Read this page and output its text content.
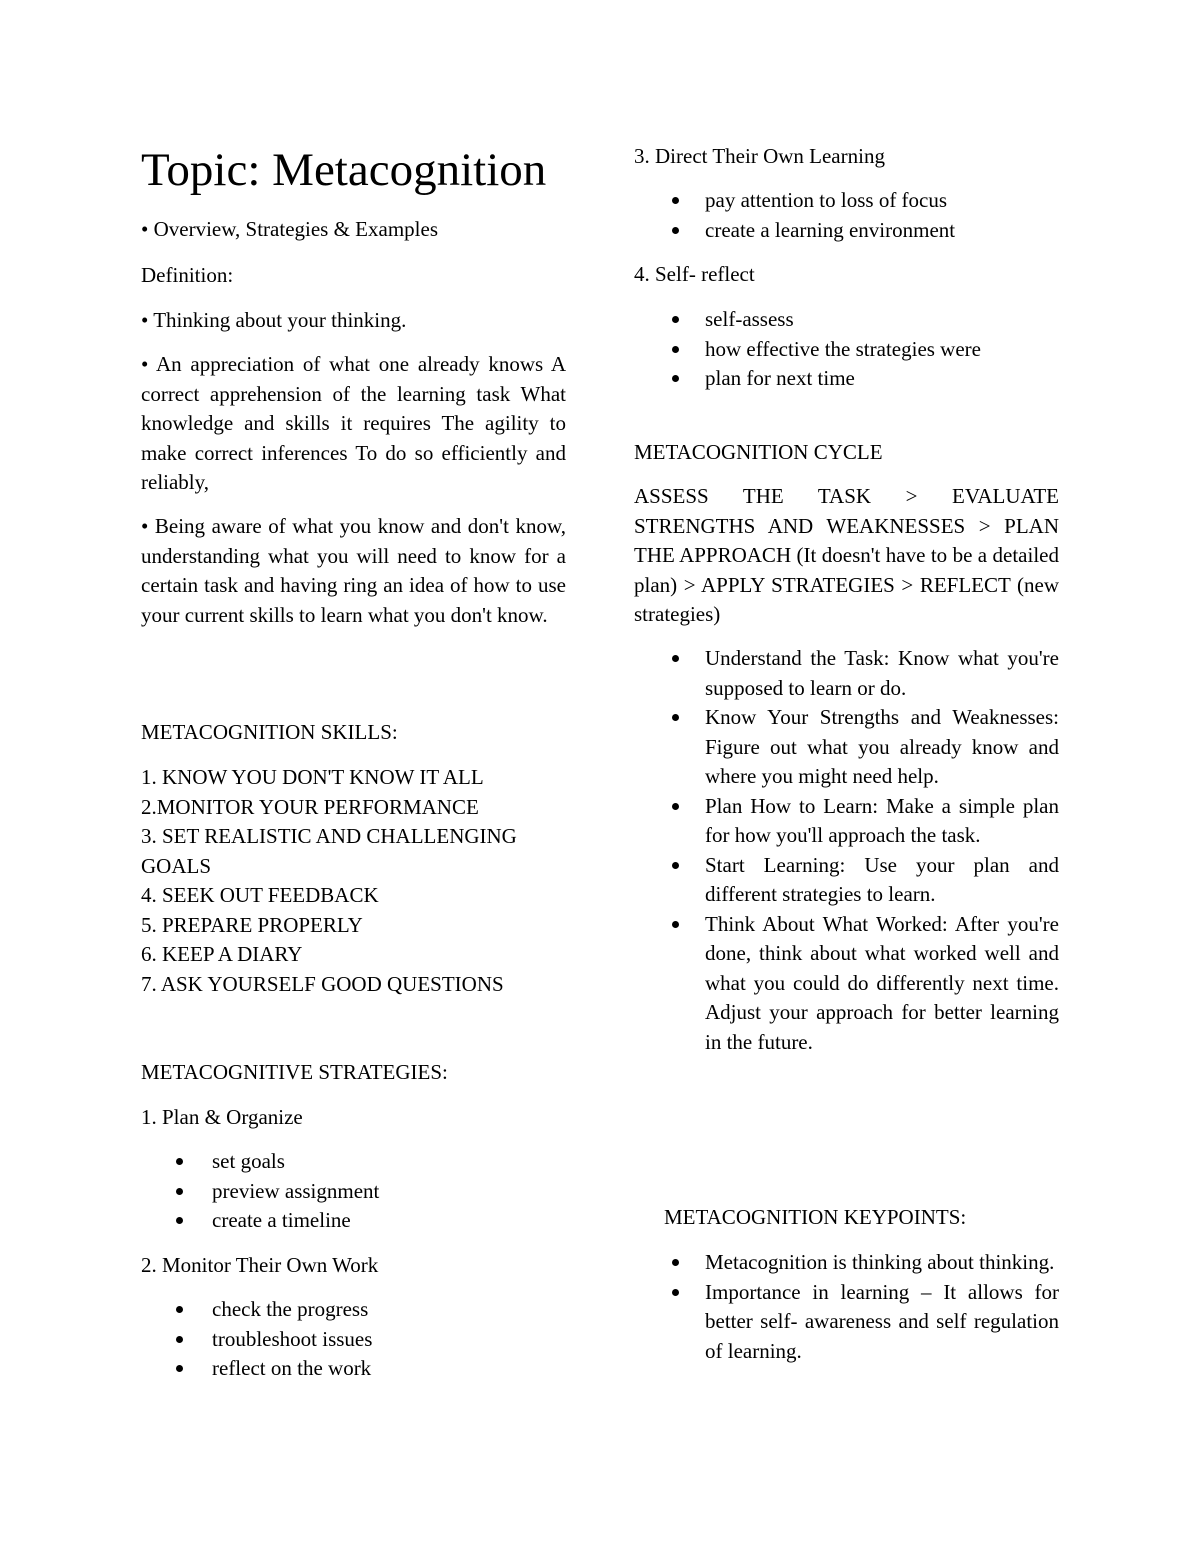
Topic: Metacognition

• Overview, Strategies & Examples

Definition:

• Thinking about your thinking.

• An appreciation of what one already knows A correct apprehension of the learning task What knowledge and skills it requires The agility to make correct inferences To do so efficiently and reliably,

• Being aware of what you know and don't know, understanding what you will need to know for a certain task and having ring an idea of how to use your current skills to learn what you don't know.

METACOGNITION SKILLS:

1. KNOW YOU DON'T KNOW IT ALL
2.MONITOR YOUR PERFORMANCE
3. SET REALISTIC AND CHALLENGING GOALS
4. SEEK OUT FEEDBACK
5. PREPARE PROPERLY
6. KEEP A DIARY
7. ASK YOURSELF GOOD QUESTIONS

METACOGNITIVE STRATEGIES:

1. Plan & Organize

set goals
preview assignment
create a timeline

2. Monitor Their Own Work

check the progress
troubleshoot issues
reflect on the work

3. Direct Their Own Learning

pay attention to loss of focus
create a learning environment

4. Self- reflect

self-assess
how effective the strategies were
plan for next time

METACOGNITION CYCLE

ASSESS THE TASK > EVALUATE STRENGTHS AND WEAKNESSES > PLAN THE APPROACH (It doesn't have to be a detailed plan) > APPLY STRATEGIES > REFLECT (new strategies)

Understand the Task: Know what you're supposed to learn or do.
Know Your Strengths and Weaknesses: Figure out what you already know and where you might need help.
Plan How to Learn: Make a simple plan for how you'll approach the task.
Start Learning: Use your plan and different strategies to learn.
Think About What Worked: After you're done, think about what worked well and what you could do differently next time. Adjust your approach for better learning in the future.

METACOGNITION KEYPOINTS:

Metacognition is thinking about thinking.
Importance in learning – It allows for better self- awareness and self regulation of learning.
